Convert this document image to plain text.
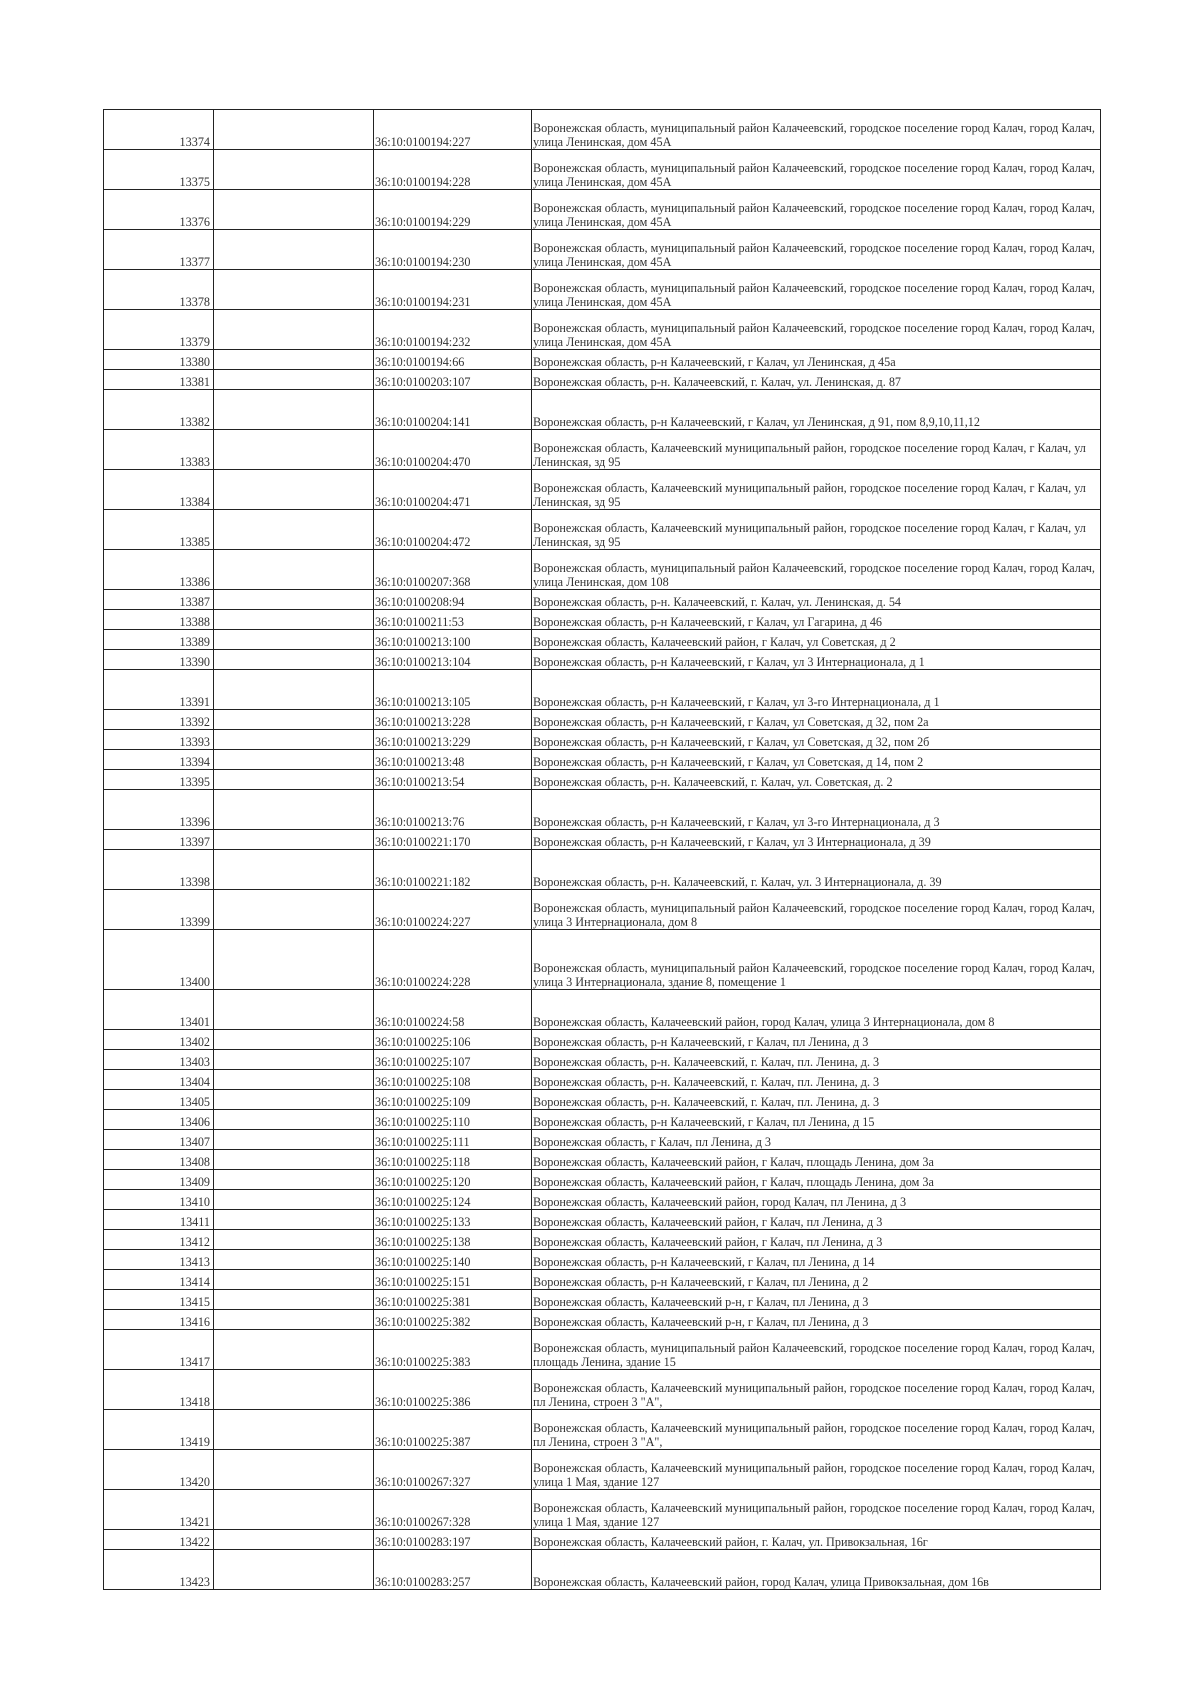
13374		36:10:0100194:227	Воронежская область, муниципальный район Калачеевский, городское поселение город Калач, город Калач, улица Ленинская, дом 45А
13375		36:10:0100194:228	Воронежская область, муниципальный район Калачеевский, городское поселение город Калач, город Калач, улица Ленинская, дом 45А
13376		36:10:0100194:229	Воронежская область, муниципальный район Калачеевский, городское поселение город Калач, город Калач, улица Ленинская, дом 45А
13377		36:10:0100194:230	Воронежская область, муниципальный район Калачеевский, городское поселение город Калач, город Калач, улица Ленинская, дом 45А
13378		36:10:0100194:231	Воронежская область, муниципальный район Калачеевский, городское поселение город Калач, город Калач, улица Ленинская, дом 45А
13379		36:10:0100194:232	Воронежская область, муниципальный район Калачеевский, городское поселение город Калач, город Калач, улица Ленинская, дом 45А
13380		36:10:0100194:66	Воронежская область, р-н Калачеевский, г Калач, ул Ленинская, д 45а
13381		36:10:0100203:107	Воронежская область, р-н. Калачеевский, г. Калач, ул. Ленинская, д. 87
13382		36:10:0100204:141	Воронежская область, р-н Калачеевский, г Калач, ул Ленинская, д 91, пом 8,9,10,11,12
13383		36:10:0100204:470	Воронежская область, Калачеевский муниципальный район, городское поселение город Калач, г Калач, ул Ленинская, зд 95
13384		36:10:0100204:471	Воронежская область, Калачеевский муниципальный район, городское поселение город Калач, г Калач, ул Ленинская, зд 95
13385		36:10:0100204:472	Воронежская область, Калачеевский муниципальный район, городское поселение город Калач, г Калач, ул Ленинская, зд 95
13386		36:10:0100207:368	Воронежская область, муниципальный район Калачеевский, городское поселение город Калач, город Калач, улица Ленинская, дом 108
13387		36:10:0100208:94	Воронежская область, р-н. Калачеевский, г. Калач, ул. Ленинская, д. 54
13388		36:10:0100211:53	Воронежская область, р-н Калачеевский, г Калач, ул Гагарина, д 46
13389		36:10:0100213:100	Воронежская область, Калачеевский район, г Калач, ул Советская, д 2
13390		36:10:0100213:104	Воронежская область, р-н Калачеевский, г Калач, ул 3 Интернационала, д 1
13391		36:10:0100213:105	Воронежская область, р-н Калачеевский, г Калач, ул 3-го Интернационала, д 1
13392		36:10:0100213:228	Воронежская область, р-н Калачеевский, г Калач, ул Советская, д 32, пом 2а
13393		36:10:0100213:229	Воронежская область, р-н Калачеевский, г Калач, ул Советская, д 32, пом 2б
13394		36:10:0100213:48	Воронежская область, р-н Калачеевский, г Калач, ул Советская, д 14, пом 2
13395		36:10:0100213:54	Воронежская область, р-н. Калачеевский, г. Калач, ул. Советская, д. 2
13396		36:10:0100213:76	Воронежская область, р-н Калачеевский, г Калач, ул 3-го Интернационала, д 3
13397		36:10:0100221:170	Воронежская область, р-н Калачеевский, г Калач, ул 3 Интернационала, д 39
13398		36:10:0100221:182	Воронежская область, р-н. Калачеевский, г. Калач, ул. 3 Интернационала, д. 39
13399		36:10:0100224:227	Воронежская область, муниципальный район Калачеевский, городское поселение город Калач, город Калач, улица 3 Интернационала, дом 8
13400		36:10:0100224:228	Воронежская область, муниципальный район Калачеевский, городское поселение город Калач, город Калач, улица 3 Интернационала, здание 8, помещение 1
13401		36:10:0100224:58	Воронежская область, Калачеевский район, город Калач, улица 3 Интернационала, дом 8
13402		36:10:0100225:106	Воронежская область, р-н Калачеевский, г Калач, пл Ленина, д 3
13403		36:10:0100225:107	Воронежская область, р-н. Калачеевский, г. Калач, пл. Ленина, д. 3
13404		36:10:0100225:108	Воронежская область, р-н. Калачеевский, г. Калач, пл. Ленина, д. 3
13405		36:10:0100225:109	Воронежская область, р-н. Калачеевский, г. Калач, пл. Ленина, д. 3
13406		36:10:0100225:110	Воронежская область, р-н Калачеевский, г Калач, пл Ленина, д 15
13407		36:10:0100225:111	Воронежская область, г Калач, пл Ленина, д 3
13408		36:10:0100225:118	Воронежская область, Калачеевский район, г Калач, площадь Ленина, дом 3а
13409		36:10:0100225:120	Воронежская область, Калачеевский район, г Калач, площадь Ленина, дом 3а
13410		36:10:0100225:124	Воронежская область, Калачеевский район, город Калач, пл Ленина, д 3
13411		36:10:0100225:133	Воронежская область, Калачеевский район, г Калач, пл Ленина, д 3
13412		36:10:0100225:138	Воронежская область, Калачеевский район, г Калач, пл Ленина, д 3
13413		36:10:0100225:140	Воронежская область, р-н Калачеевский, г Калач, пл Ленина, д 14
13414		36:10:0100225:151	Воронежская область, р-н Калачеевский, г Калач, пл Ленина, д 2
13415		36:10:0100225:381	Воронежская область, Калачеевский р-н, г Калач, пл Ленина, д 3
13416		36:10:0100225:382	Воронежская область, Калачеевский р-н, г Калач, пл Ленина, д 3
13417		36:10:0100225:383	Воронежская область, муниципальный район Калачеевский, городское поселение город Калач, город Калач, площадь Ленина, здание 15
13418		36:10:0100225:386	Воронежская область, Калачеевский муниципальный район, городское поселение город Калач, город Калач, пл Ленина, строен 3 "А",
13419		36:10:0100225:387	Воронежская область, Калачеевский муниципальный район, городское поселение город Калач, город Калач, пл Ленина, строен 3 "А",
13420		36:10:0100267:327	Воронежская область, Калачеевский муниципальный район, городское поселение город Калач, город Калач, улица 1 Мая, здание 127
13421		36:10:0100267:328	Воронежская область, Калачеевский муниципальный район, городское поселение город Калач, город Калач, улица 1 Мая, здание 127
13422		36:10:0100283:197	Воронежская область, Калачеевский район, г. Калач, ул. Привокзальная, 16г
13423		36:10:0100283:257	Воронежская область, Калачеевский район, город Калач, улица Привокзальная, дом 16в
